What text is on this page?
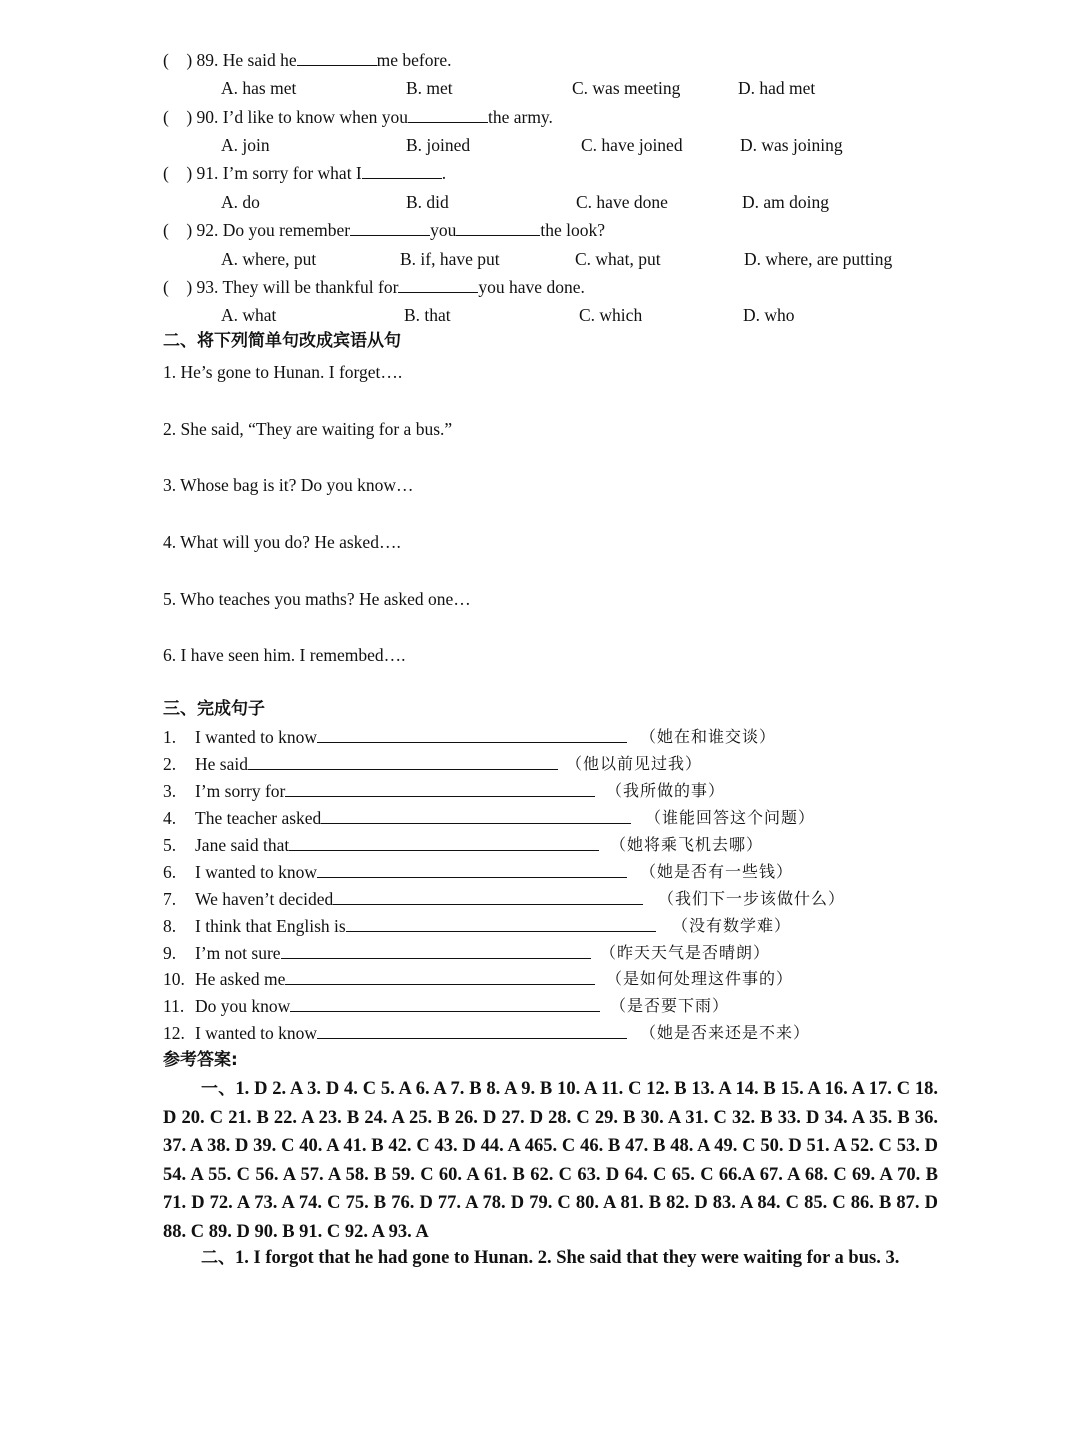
(    ) 89. He said he	me before.
A. has met	B. met	C. was meeting	D. had met
(    ) 90. I’d like to know when you	the army.
A. join	B. joined	C. have joined	D. was joining
(    ) 91. I’m sorry for what I	.
A. do	B. did	C. have done	D. am doing
(    ) 92. Do you remember	you	the look?
A. where, put	B. if, have put	C. what, put	D. where, are putting
(    ) 93. They will be thankful for	you have done.
A. what	B. that	C. which	D. who
二、将下列简单句改成宾语从句
1. He’s gone to Hunan. I forget….
2. She said, “They are waiting for a bus.”
3. Whose bag is it? Do you know…
4. What will you do? He asked….
5. Who teaches you maths? He asked one…
6. I have seen him. I remembed….
三、完成句子
1. I wanted to know	（她在和谁交谈）
2. He said	（他以前见过我）
3. I’m sorry for	（我所做的事）
4. The teacher asked	（谁能回答这个问题）
5. Jane said that	（她将乘飞机去哪）
6. I wanted to know	（她是否有一些钱）
7. We haven’t decided	（我们下一步该做什么）
8. I think that English is	（没有数学难）
9. I’m not sure	（昨天天气是否晴朗）
10. He asked me	（是如何处理这件事的）
11. Do you know	（是否要下雨）
12. I wanted to know	（她是否来还是不来）
参考答案:
一、1. D 2. A 3. D 4. C 5. A 6. A 7. B 8. A 9. B 10. A 11. C 12. B 13. A 14. B 15. A 16. A 17. C 18. D 20. C 21. B 22. A 23. B 24. A 25. B 26. D 27. D 28. C 29. B 30. A 31. C 32. B 33. D 34. A 35. B 36. 37. A 38. D 39. C 40. A 41. B 42. C 43. D 44. A 465. C 46. B 47. B 48. A 49. C 50. D 51. A 52. C 53. D 54. A 55. C 56. A 57. A 58. B 59. C 60. A 61. B 62. C 63. D 64. C 65. C 66.A 67. A 68. C 69. A 70. B 71. D 72. A 73. A 74. C 75. B 76. D 77. A 78. D 79. C 80. A 81. B 82. D 83. A 84. C 85. C 86. B 87. D 88. C 89. D 90. B 91. C 92. A 93. A
二、1. I forgot that he had gone to Hunan. 2. She said that they were waiting for a bus. 3.
